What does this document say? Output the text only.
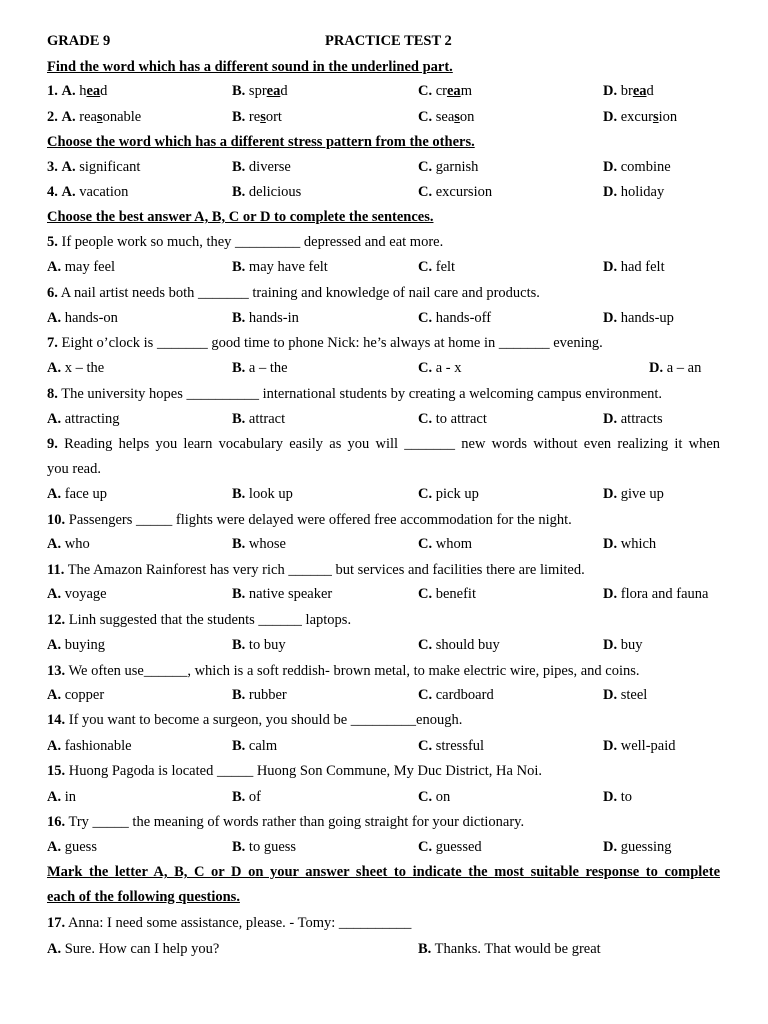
GRADE 9	PRACTICE TEST 2
Find the word which has a different sound in the underlined part.
1. A. head	B. spread	C. cream	D. bread
2. A. reasonable	B. resort	C. season	D. excursion
Choose the word which has a different stress pattern from the others.
3. A. significant	B. diverse	C. garnish	D. combine
4. A. vacation	B. delicious	C. excursion	D. holiday
Choose the best answer A, B, C or D to complete the sentences.
5. If people work so much, they _________ depressed and eat more.
A. may feel	B. may have felt	C. felt	D. had felt
6. A nail artist needs both _______ training and knowledge of nail care and products.
A. hands-on	B. hands-in	C. hands-off	D. hands-up
7. Eight o’clock is _______ good time to phone Nick: he’s always at home in _______ evening.
A. x – the	B. a – the	C. a - x	D. a – an
8. The university hopes __________ international students by creating a welcoming campus environment.
A. attracting	B. attract	C. to attract	D. attracts
9. Reading helps you learn vocabulary easily as you will _______ new words without even realizing it when
you read.
A. face up	B. look up	C. pick up	D. give up
10. Passengers _____ flights were delayed were offered free accommodation for the night.
A. who	B. whose	C. whom	D. which
11. The Amazon Rainforest has very rich ______ but services and facilities there are limited.
A. voyage	B. native speaker	C. benefit	D. flora and fauna
12. Linh suggested that the students ______ laptops.
A. buying	B. to buy	C. should buy	D. buy
13. We often use______, which is a soft reddish- brown metal, to make electric wire, pipes, and coins.
A. copper	B. rubber	C. cardboard	D. steel
14. If you want to become a surgeon, you should be _________enough.
A. fashionable	B. calm	C. stressful	D. well-paid
15. Huong Pagoda is located _____ Huong Son Commune, My Duc District, Ha Noi.
A. in	B. of	C. on	D. to
16. Try _____ the meaning of words rather than going straight for your dictionary.
A. guess	B. to guess	C. guessed	D. guessing
Mark the letter A, B, C or D on your answer sheet to indicate the most suitable response to complete
each of the following questions.
17. Anna: I need some assistance, please. - Tomy: __________
A. Sure. How can I help you?	B. Thanks. That would be great
